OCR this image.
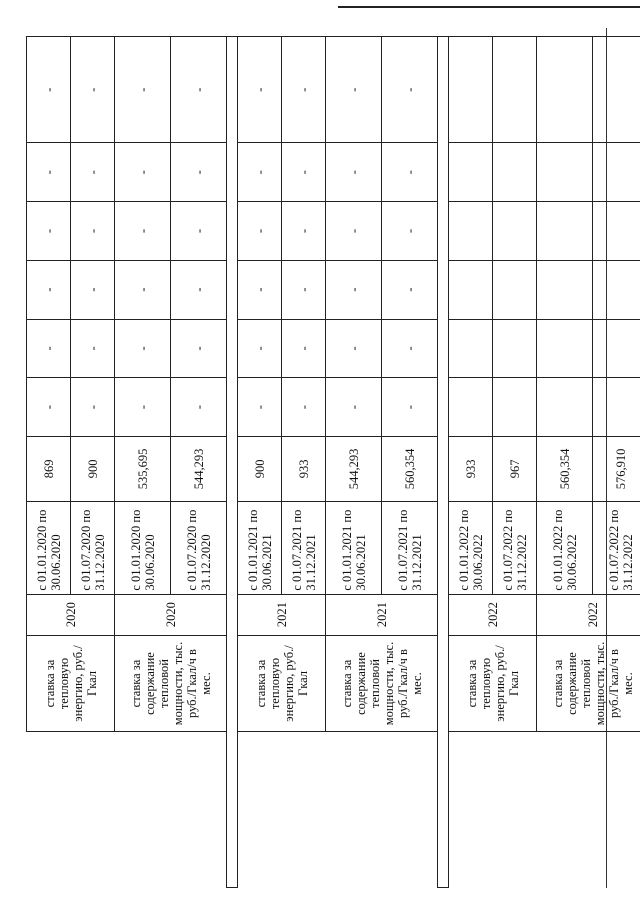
	ставка за тепловую энергию, руб./Гкал	2020	с 01.01.2020 по 30.06.2020	869	-	-	-	-	-	-
			с 01.07.2020 по 31.12.2020	900	-	-	-	-	-	-
	ставка за содержание тепловой мощности, тыс. руб./Гкал/ч в мес.	2020	с 01.01.2020 по 30.06.2020	535,695	-	-	-	-	-	-
			с 01.07.2020 по 31.12.2020	544,293	-	-	-	-	-	-

	ставка за тепловую энергию, руб./Гкал	2021	с 01.01.2021 по 30.06.2021	900	-	-	-	-	-	-
			с 01.07.2021 по 31.12.2021	933	-	-	-	-	-	-
	ставка за содержание тепловой мощности, тыс. руб./Гкал/ч в мес.	2021	с 01.01.2021 по 30.06.2021	544,293	-	-	-	-	-	-
			с 01.07.2021 по 31.12.2021	560,354	-	-	-	-	-	-

	ставка за тепловую энергию, руб./Гкал	2022	с 01.01.2022 по 30.06.2022	933						
			с 01.07.2022 по 31.12.2022	967						
	ставка за содержание тепловой мощности, тыс. руб./Гкал/ч в мес.	2022	с 01.01.2022 по 30.06.2022	560,354						
			с 01.07.2022 по 31.12.2022	576,910						
